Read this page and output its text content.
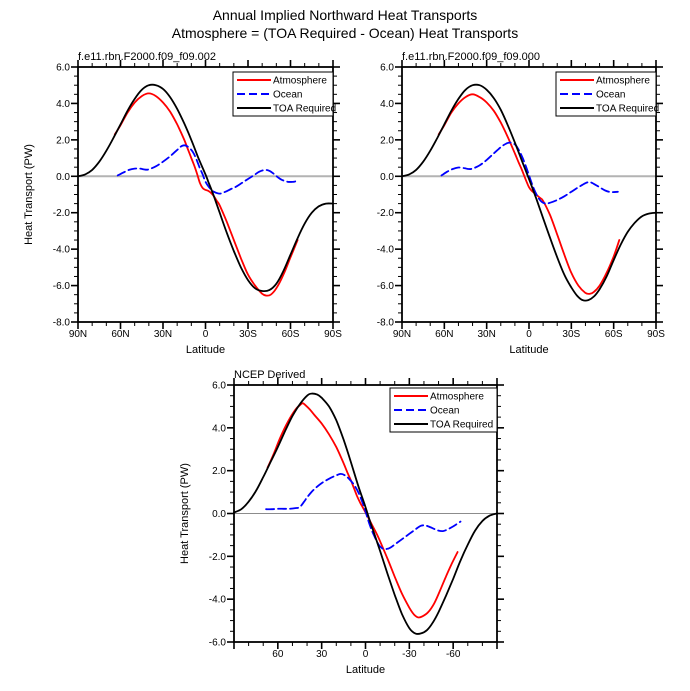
Annual Implied Northward Heat Transports
Atmosphere = (TOA Required - Ocean) Heat Transports
90N 60N 30N	0	30S 60S 90S
6.0
4.0
2.0
0.0
-2.0
-4.0
-6.0
-8.0
f.e11.rbn.F2000.f09_f09.002
Latitude
Heat Transport (PW)
Atmosphere
Ocean
TOA Required
90N 60N 30N	0	30S 60S 90S
6.0
4.0
2.0
0.0
-2.0
-4.0
-6.0
-8.0
f.e11.rbn.F2000.f09_f09.000
Latitude
Atmosphere
Ocean
TOA Required
60	30	0	-30	-60
6.0
4.0
2.0
0.0
-2.0
-4.0
-6.0
NCEP Derived
Latitude
Heat Transport (PW)
Atmosphere
Ocean
TOA Required
